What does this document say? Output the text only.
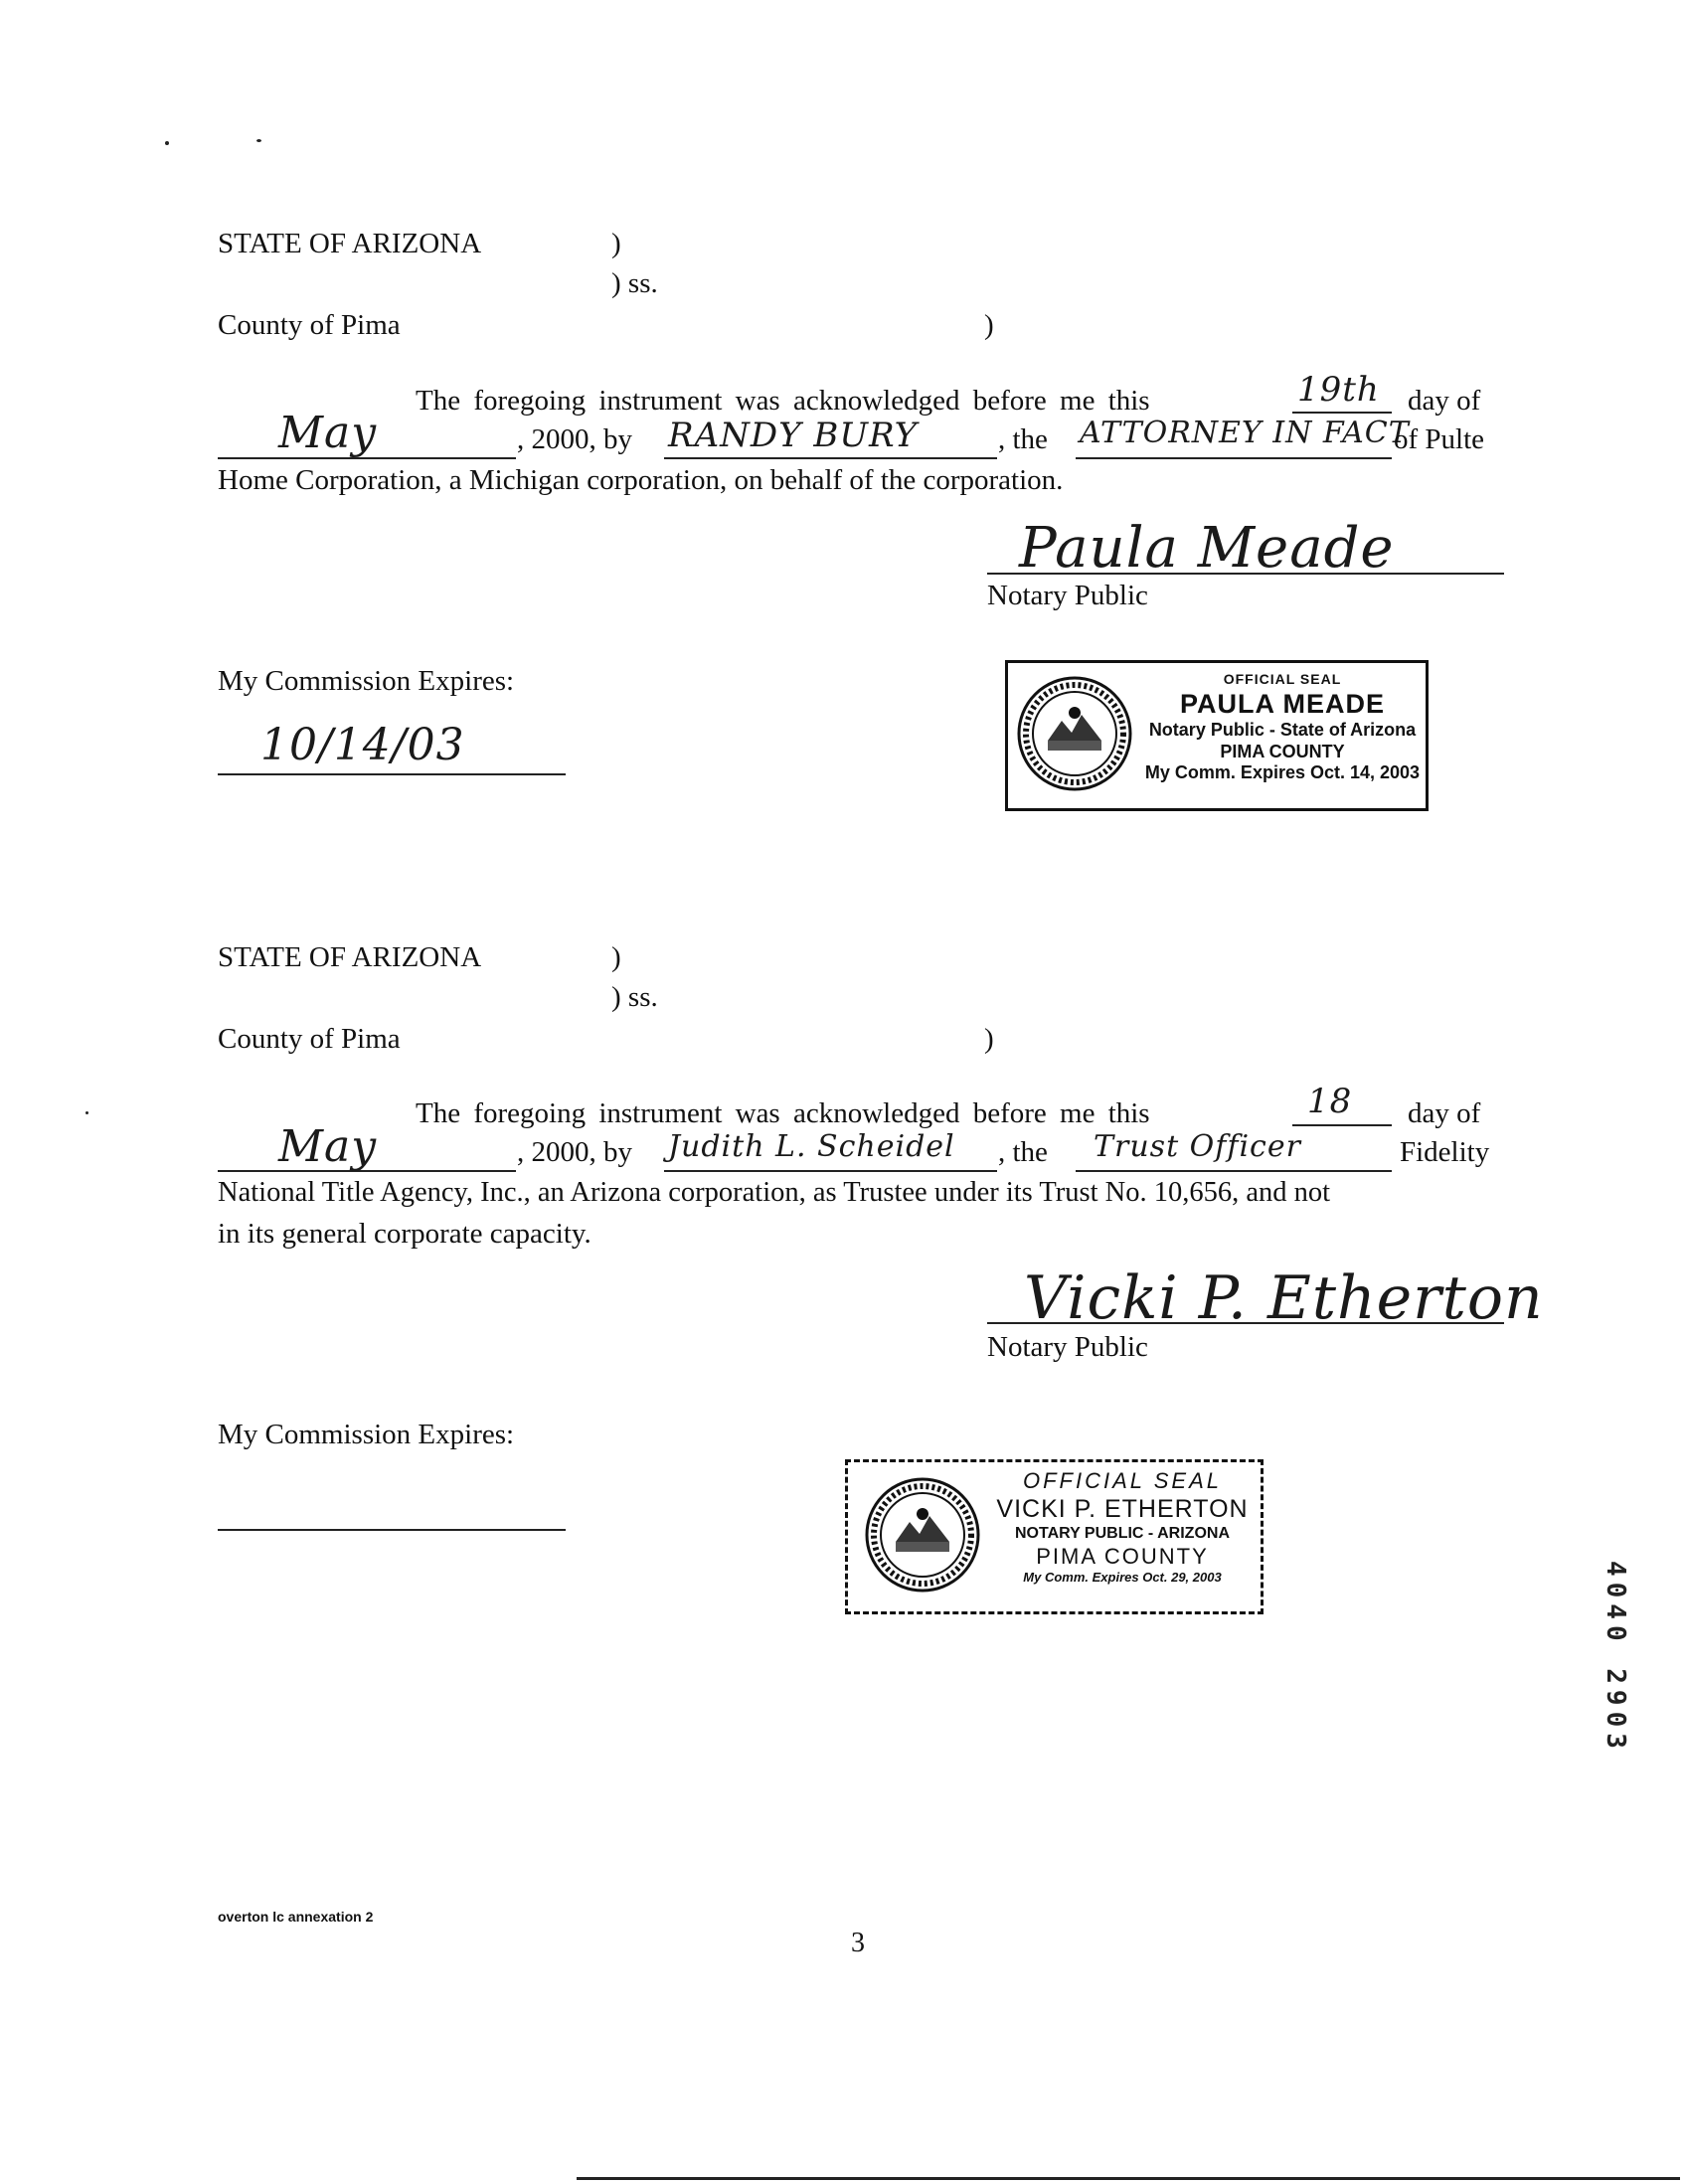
STATE OF ARIZONA	)
) ss.
County of Pima	)
The foregoing instrument was acknowledged before me this	19th day of
May	, 2000, by RANDY BURY	, the ATTORNEY IN FACT
of Pulte
Home Corporation, a Michigan corporation, on behalf of the corporation.
Paula Meade
Notary Public
My Commission Expires:
10/14/03
OFFICIAL SEAL
PAULA MEADE
Notary Public - State of Arizona
PIMA COUNTY
My Comm. Expires Oct. 14, 2003
STATE OF ARIZONA	)
) ss.
County of Pima	)
The foregoing instrument was acknowledged before me this	18 day of
May	, 2000, by Judith L. Scheidel , the Trust Officer	Fidelity
National Title Agency, Inc., an Arizona corporation, as Trustee under its Trust No. 10,656, and not
in its general corporate capacity.
Vicki P. Etherton
Notary Public
My Commission Expires:
OFFICIAL SEAL
VICKI P. ETHERTON
NOTARY PUBLIC - ARIZONA
PIMA COUNTY
My Comm. Expires Oct. 29, 2003
overton lc annexation 2
3
4040 2903
